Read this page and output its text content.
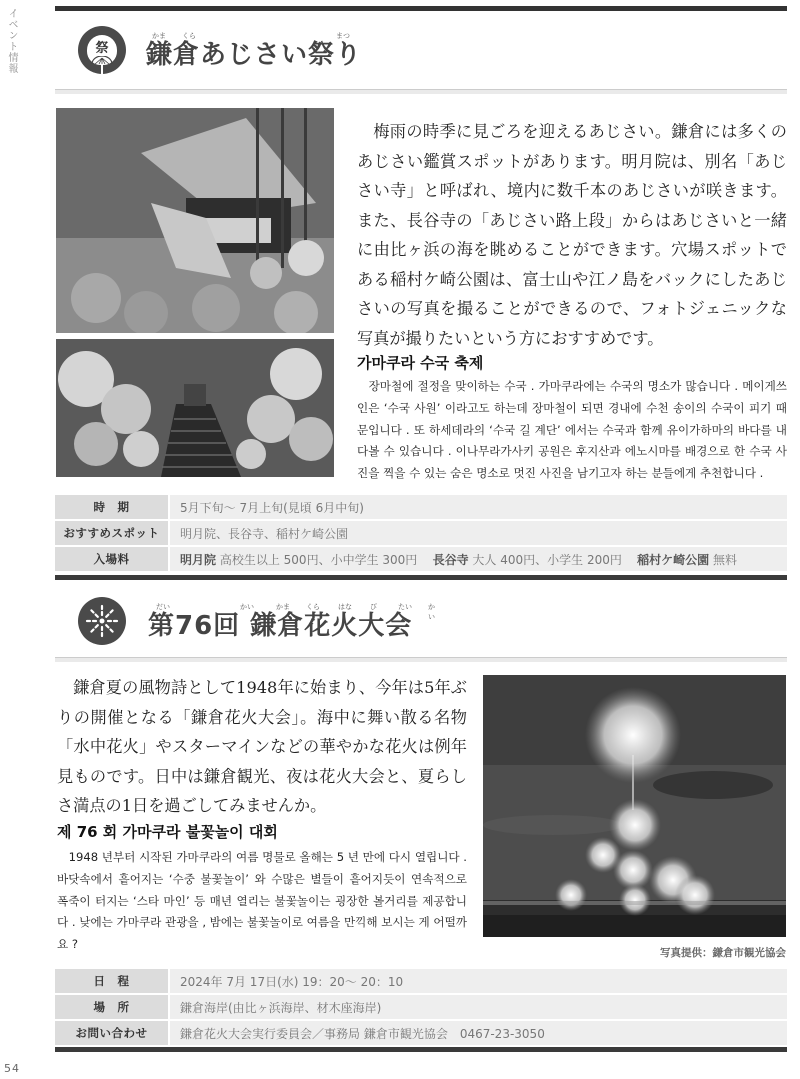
イベント情報
54
祭
かま くら	まつ
鎌倉あじさい祭り

梅雨の時季に見ごろを迎えるあじさい。鎌倉には多くのあじさい鑑賞スポットがあります。明月院は、別名「あじさい寺」と呼ばれ、境内に数千本のあじさいが咲きます。また、長谷寺の「あじさい路上段」からはあじさいと一緒に由比ヶ浜の海を眺めることができます。穴場スポットである稲村ケ崎公園は、富士山や江ノ島をバックにしたあじさいの写真を撮ることができるので、フォトジェニックな写真が撮りたいという方におすすめです。

가마쿠라 수국 축제

장마철에 절정을 맞이하는 수국 . 가마쿠라에는 수국의 명소가 많습니다 . 메이게쓰인은 ‘수국 사원’ 이라고도 하는데 장마철이 되면 경내에 수천 송이의 수국이 피기 때문입니다 . 또 하세데라의 ‘수국 길 계단’ 에서는 수국과 함께 유이가하마의 바다를 내다볼 수 있습니다 . 이나무라가사키 공원은 후지산과 에노시마를 배경으로 한 수국 사진을 찍을 수 있는 숨은 명소로 멋진 사진을 남기고자 하는 분들에게 추천합니다 .

時　期	5月下旬～ 7月上旬(見頃 6月中旬)
おすすめスポット	明月院、長谷寺、稲村ケ崎公園
入場料	明月院 高校生以上 500円、小中学生 300円 長谷寺 大人 400円、小学生 200円 稲村ケ崎公園 無料
だい	かい	かま くら	はな	び	たい かい
第76回 鎌倉花火大会

鎌倉夏の風物詩として1948年に始まり、今年は5年ぶりの開催となる「鎌倉花火大会」。海中に舞い散る名物「水中花火」やスターマインなどの華やかな花火は例年見ものです。日中は鎌倉観光、夜は花火大会と、夏らしさ満点の1日を過ごしてみませんか。

제 76 회 가마쿠라 불꽃놀이 대회

1948 년부터 시작된 가마쿠라의 여름 명물로 올해는 5 년 만에 다시 열립니다 . 바닷속에서 흩어지는 ‘수중 불꽃놀이’ 와 수많은 별들이 흩어지듯이 연속적으로 폭죽이 터지는 ‘스타 마인’ 등 매년 열리는 불꽃놀이는 굉장한 볼거리를 제공합니다 . 낮에는 가마쿠라 관광을 , 밤에는 불꽃놀이로 여름을 만끽해 보시는 게 어떨까요 ?

写真提供：鎌倉市観光協会
日　程	2024年 7月 17日(水) 19：20～ 20：10
場　所	鎌倉海岸(由比ヶ浜海岸、材木座海岸)
お問い合わせ	鎌倉花火大会実行委員会／事務局 鎌倉市観光協会　0467-23-3050
